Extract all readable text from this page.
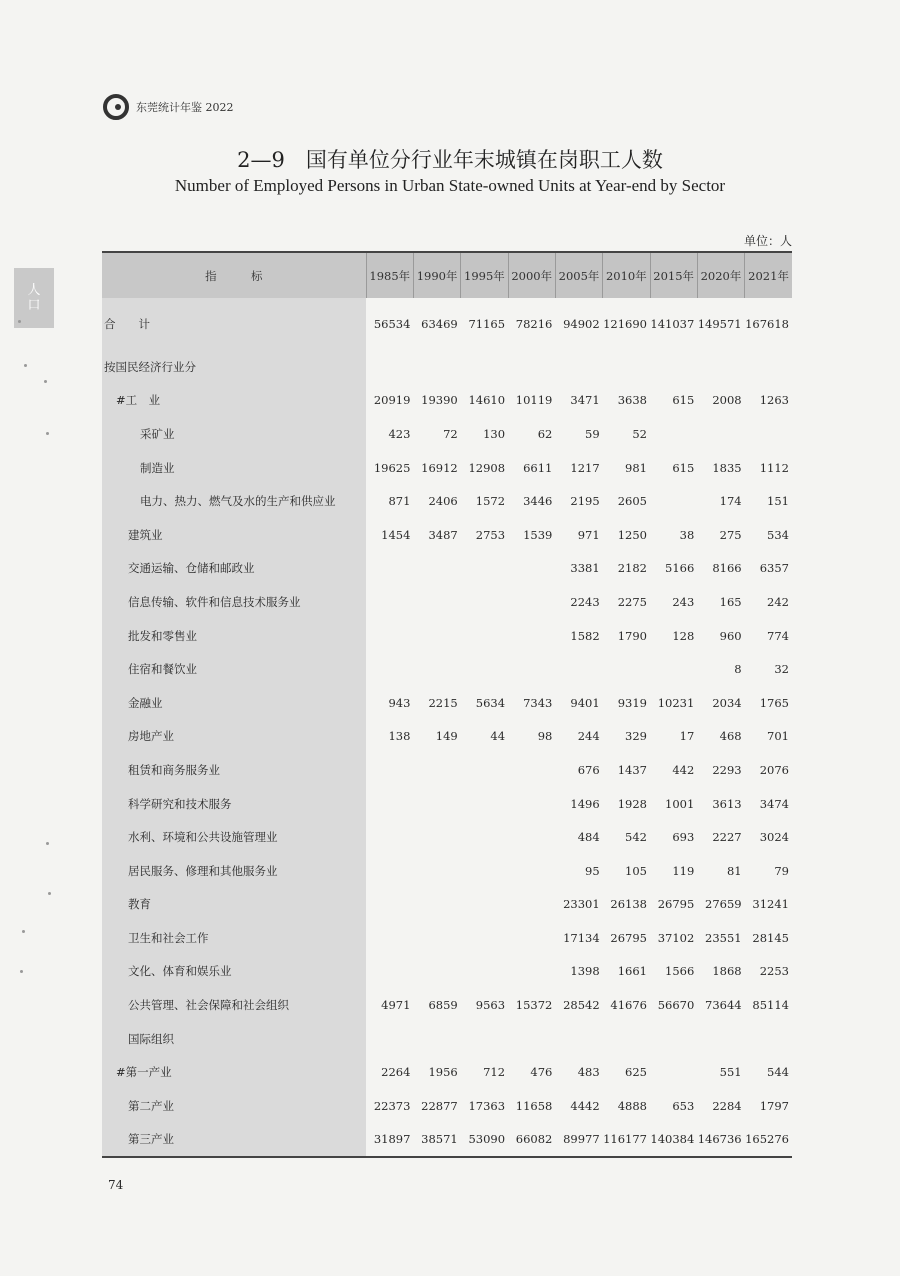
东莞统计年鉴 2022
人
口
2—9　国有单位分行业年末城镇在岗职工人数
Number of Employed Persons in Urban State-owned Units at Year-end by Sector
单位：人
指　　　标	1985年	1990年	1995年	2000年	2005年	2010年	2015年	2020年	2021年
合　　计	56534	63469	71165	78216	94902	121690	141037	149571	167618
按国民经济行业分									
#工　业	20919	19390	14610	10119	3471	3638	615	2008	1263
采矿业	423	72	130	62	59	52			
制造业	19625	16912	12908	6611	1217	981	615	1835	1112
电力、热力、燃气及水的生产和供应业	871	2406	1572	3446	2195	2605		174	151
建筑业	1454	3487	2753	1539	971	1250	38	275	534
交通运输、仓储和邮政业					3381	2182	5166	8166	6357
信息传输、软件和信息技术服务业					2243	2275	243	165	242
批发和零售业					1582	1790	128	960	774
住宿和餐饮业								8	32
金融业	943	2215	5634	7343	9401	9319	10231	2034	1765
房地产业	138	149	44	98	244	329	17	468	701
租赁和商务服务业					676	1437	442	2293	2076
科学研究和技术服务					1496	1928	1001	3613	3474
水利、环境和公共设施管理业					484	542	693	2227	3024
居民服务、修理和其他服务业					95	105	119	81	79
教育					23301	26138	26795	27659	31241
卫生和社会工作					17134	26795	37102	23551	28145
文化、体育和娱乐业					1398	1661	1566	1868	2253
公共管理、社会保障和社会组织	4971	6859	9563	15372	28542	41676	56670	73644	85114
国际组织									
#第一产业	2264	1956	712	476	483	625		551	544
第二产业	22373	22877	17363	11658	4442	4888	653	2284	1797
第三产业	31897	38571	53090	66082	89977	116177	140384	146736	165276
74
